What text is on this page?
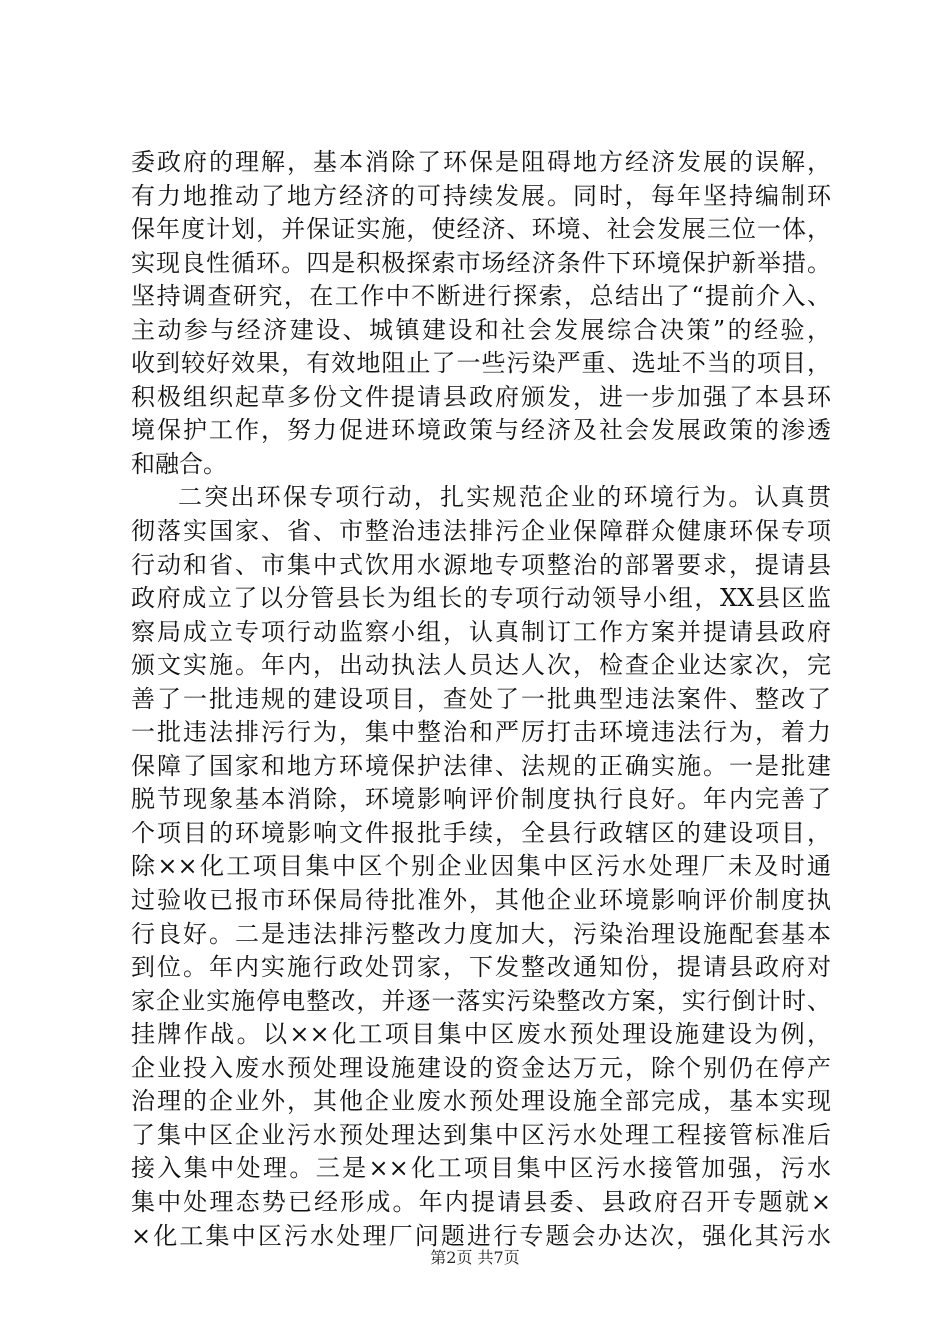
委政府的理解，基本消除了环保是阻碍地方经济发展的误解，
有力地推动了地方经济的可持续发展。同时，每年坚持编制环
保年度计划，并保证实施，使经济、环境、社会发展三位一体，
实现良性循环。四是积极探索市场经济条件下环境保护新举措。
坚持调查研究，在工作中不断进行探索，总结出了“提前介入、
主动参与经济建设、城镇建设和社会发展综合决策”的经验，
收到较好效果，有效地阻止了一些污染严重、选址不当的项目，
积极组织起草多份文件提请县政府颁发，进一步加强了本县环
境保护工作，努力促进环境政策与经济及社会发展政策的渗透
和融合。
二突出环保专项行动，扎实规范企业的环境行为。认真贯
彻落实国家、省、市整治违法排污企业保障群众健康环保专项
行动和省、市集中式饮用水源地专项整治的部署要求，提请县
政府成立了以分管县长为组长的专项行动领导小组，XX县区监
察局成立专项行动监察小组，认真制订工作方案并提请县政府
颁文实施。年内，出动执法人员达人次，检查企业达家次，完
善了一批违规的建设项目，查处了一批典型违法案件、整改了
一批违法排污行为，集中整治和严厉打击环境违法行为，着力
保障了国家和地方环境保护法律、法规的正确实施。一是批建
脱节现象基本消除，环境影响评价制度执行良好。年内完善了
个项目的环境影响文件报批手续，全县行政辖区的建设项目，
除××化工项目集中区个别企业因集中区污水处理厂未及时通
过验收已报市环保局待批准外，其他企业环境影响评价制度执
行良好。二是违法排污整改力度加大，污染治理设施配套基本
到位。年内实施行政处罚家，下发整改通知份，提请县政府对
家企业实施停电整改，并逐一落实污染整改方案，实行倒计时、
挂牌作战。以××化工项目集中区废水预处理设施建设为例，
企业投入废水预处理设施建设的资金达万元，除个别仍在停产
治理的企业外，其他企业废水预处理设施全部完成，基本实现
了集中区企业污水预处理达到集中区污水处理工程接管标准后
接入集中处理。三是××化工项目集中区污水接管加强，污水
集中处理态势已经形成。年内提请县委、县政府召开专题就×
×化工集中区污水处理厂问题进行专题会办达次，强化其污水
第2页 共7页
